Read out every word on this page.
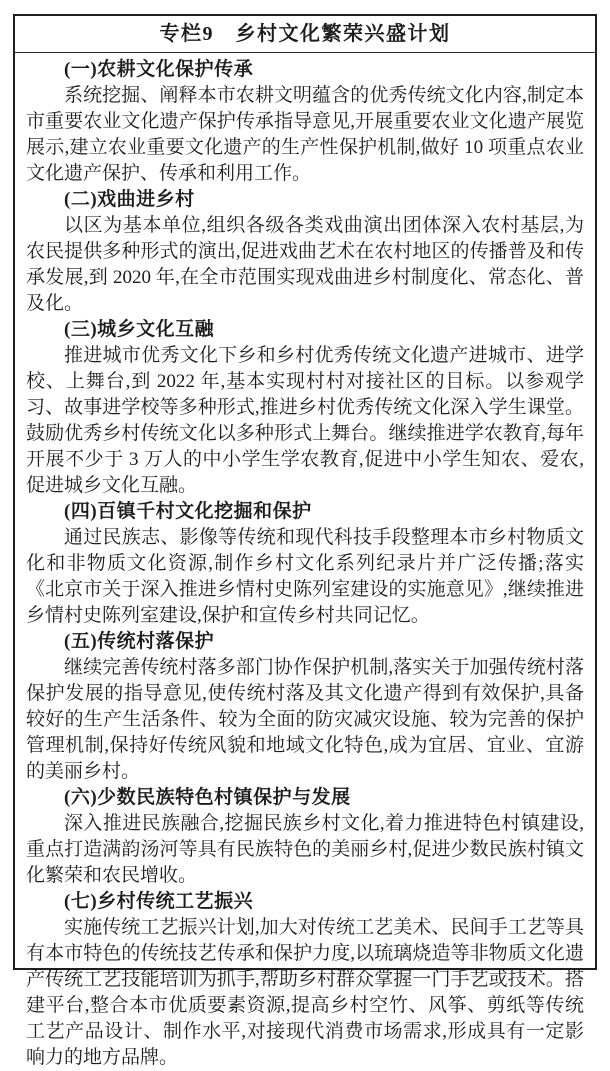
专栏9　乡村文化繁荣兴盛计划

(一)农耕文化保护传承

系统挖掘、阐释本市农耕文明蕴含的优秀传统文化内容,制定本市重要农业文化遗产保护传承指导意见,开展重要农业文化遗产展览展示,建立农业重要文化遗产的生产性保护机制,做好 10 项重点农业文化遗产保护、传承和利用工作。

(二)戏曲进乡村

以区为基本单位,组织各级各类戏曲演出团体深入农村基层,为农民提供多种形式的演出,促进戏曲艺术在农村地区的传播普及和传承发展,到 2020 年,在全市范围实现戏曲进乡村制度化、常态化、普及化。

(三)城乡文化互融

推进城市优秀文化下乡和乡村优秀传统文化遗产进城市、进学校、上舞台,到 2022 年,基本实现村村对接社区的目标。以参观学习、故事进学校等多种形式,推进乡村优秀传统文化深入学生课堂。鼓励优秀乡村传统文化以多种形式上舞台。继续推进学农教育,每年开展不少于 3 万人的中小学生学农教育,促进中小学生知农、爱农,促进城乡文化互融。

(四)百镇千村文化挖掘和保护

通过民族志、影像等传统和现代科技手段整理本市乡村物质文化和非物质文化资源,制作乡村文化系列纪录片并广泛传播;落实《北京市关于深入推进乡情村史陈列室建设的实施意见》,继续推进乡情村史陈列室建设,保护和宣传乡村共同记忆。

(五)传统村落保护

继续完善传统村落多部门协作保护机制,落实关于加强传统村落保护发展的指导意见,使传统村落及其文化遗产得到有效保护,具备较好的生产生活条件、较为全面的防灾减灾设施、较为完善的保护管理机制,保持好传统风貌和地域文化特色,成为宜居、宜业、宜游的美丽乡村。

(六)少数民族特色村镇保护与发展

深入推进民族融合,挖掘民族乡村文化,着力推进特色村镇建设,重点打造满韵汤河等具有民族特色的美丽乡村,促进少数民族村镇文化繁荣和农民增收。

(七)乡村传统工艺振兴

实施传统工艺振兴计划,加大对传统工艺美术、民间手工艺等具有本市特色的传统技艺传承和保护力度,以琉璃烧造等非物质文化遗产传统工艺技能培训为抓手,帮助乡村群众掌握一门手艺或技术。搭建平台,整合本市优质要素资源,提高乡村空竹、风筝、剪纸等传统工艺产品设计、制作水平,对接现代消费市场需求,形成具有一定影响力的地方品牌。
